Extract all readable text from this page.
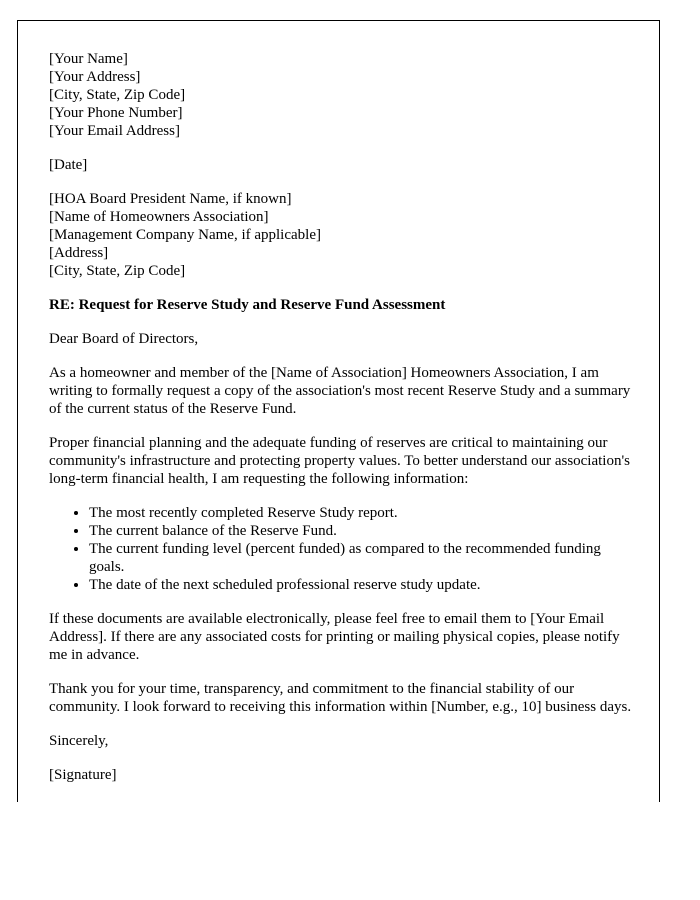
[Your Name]
[Your Address]
[City, State, Zip Code]
[Your Phone Number]
[Your Email Address]
[Date]
[HOA Board President Name, if known]
[Name of Homeowners Association]
[Management Company Name, if applicable]
[Address]
[City, State, Zip Code]

RE: Request for Reserve Study and Reserve Fund Assessment

Dear Board of Directors,

As a homeowner and member of the [Name of Association] Homeowners Association, I am writing to formally request a copy of the association's most recent Reserve Study and a summary of the current status of the Reserve Fund.

Proper financial planning and the adequate funding of reserves are critical to maintaining our community's infrastructure and protecting property values. To better understand our association's long-term financial health, I am requesting the following information:

• The most recently completed Reserve Study report.
• The current balance of the Reserve Fund.
• The current funding level (percent funded) as compared to the recommended funding goals.
• The date of the next scheduled professional reserve study update.

If these documents are available electronically, please feel free to email them to [Your Email Address]. If there are any associated costs for printing or mailing physical copies, please notify me in advance.

Thank you for your time, transparency, and commitment to the financial stability of our community. I look forward to receiving this information within [Number, e.g., 10] business days.

Sincerely,

[Signature]
